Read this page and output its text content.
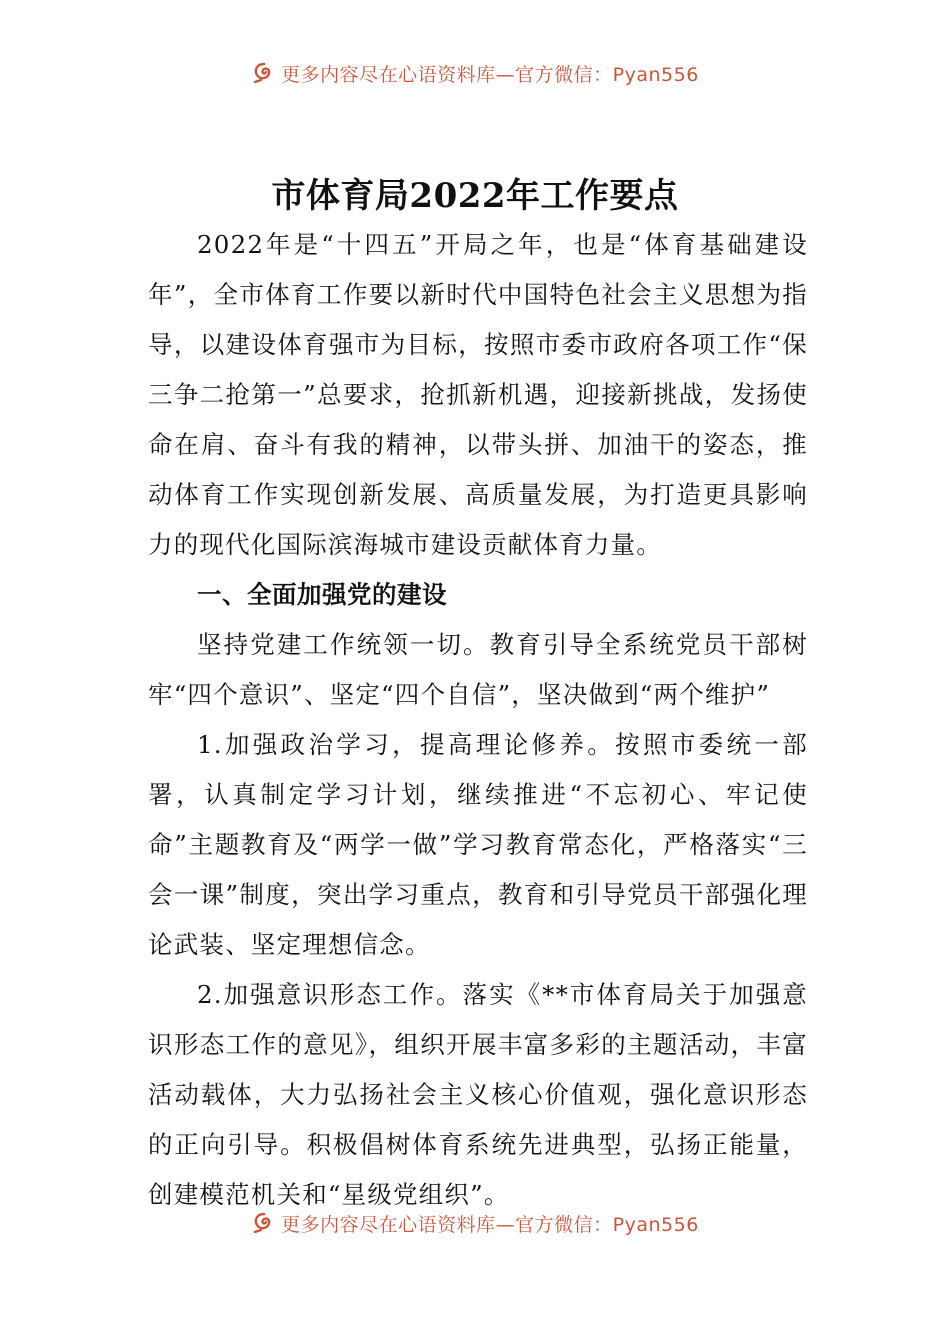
更多内容尽在心语资料库—官方微信：Pyan556
市体育局2022年工作要点

2022年是“十四五”开局之年，也是“体育基础建设年”，全市体育工作要以新时代中国特色社会主义思想为指导，以建设体育强市为目标，按照市委市政府各项工作“保三争二抢第一”总要求，抢抓新机遇，迎接新挑战，发扬使命在肩、奋斗有我的精神，以带头拼、加油干的姿态，推动体育工作实现创新发展、高质量发展，为打造更具影响力的现代化国际滨海城市建设贡献体育力量。

一、全面加强党的建设

坚持党建工作统领一切。教育引导全系统党员干部树牢“四个意识”、坚定“四个自信”，坚决做到“两个维护”

1.加强政治学习，提高理论修养。按照市委统一部署，认真制定学习计划，继续推进“不忘初心、牢记使命”主题教育及“两学一做”学习教育常态化，严格落实“三会一课”制度，突出学习重点，教育和引导党员干部强化理论武装、坚定理想信念。

2.加强意识形态工作。落实《**市体育局关于加强意识形态工作的意见》，组织开展丰富多彩的主题活动，丰富活动载体，大力弘扬社会主义核心价值观，强化意识形态的正向引导。积极倡树体育系统先进典型，弘扬正能量，创建模范机关和“星级党组织”。

更多内容尽在心语资料库—官方微信：Pyan556
